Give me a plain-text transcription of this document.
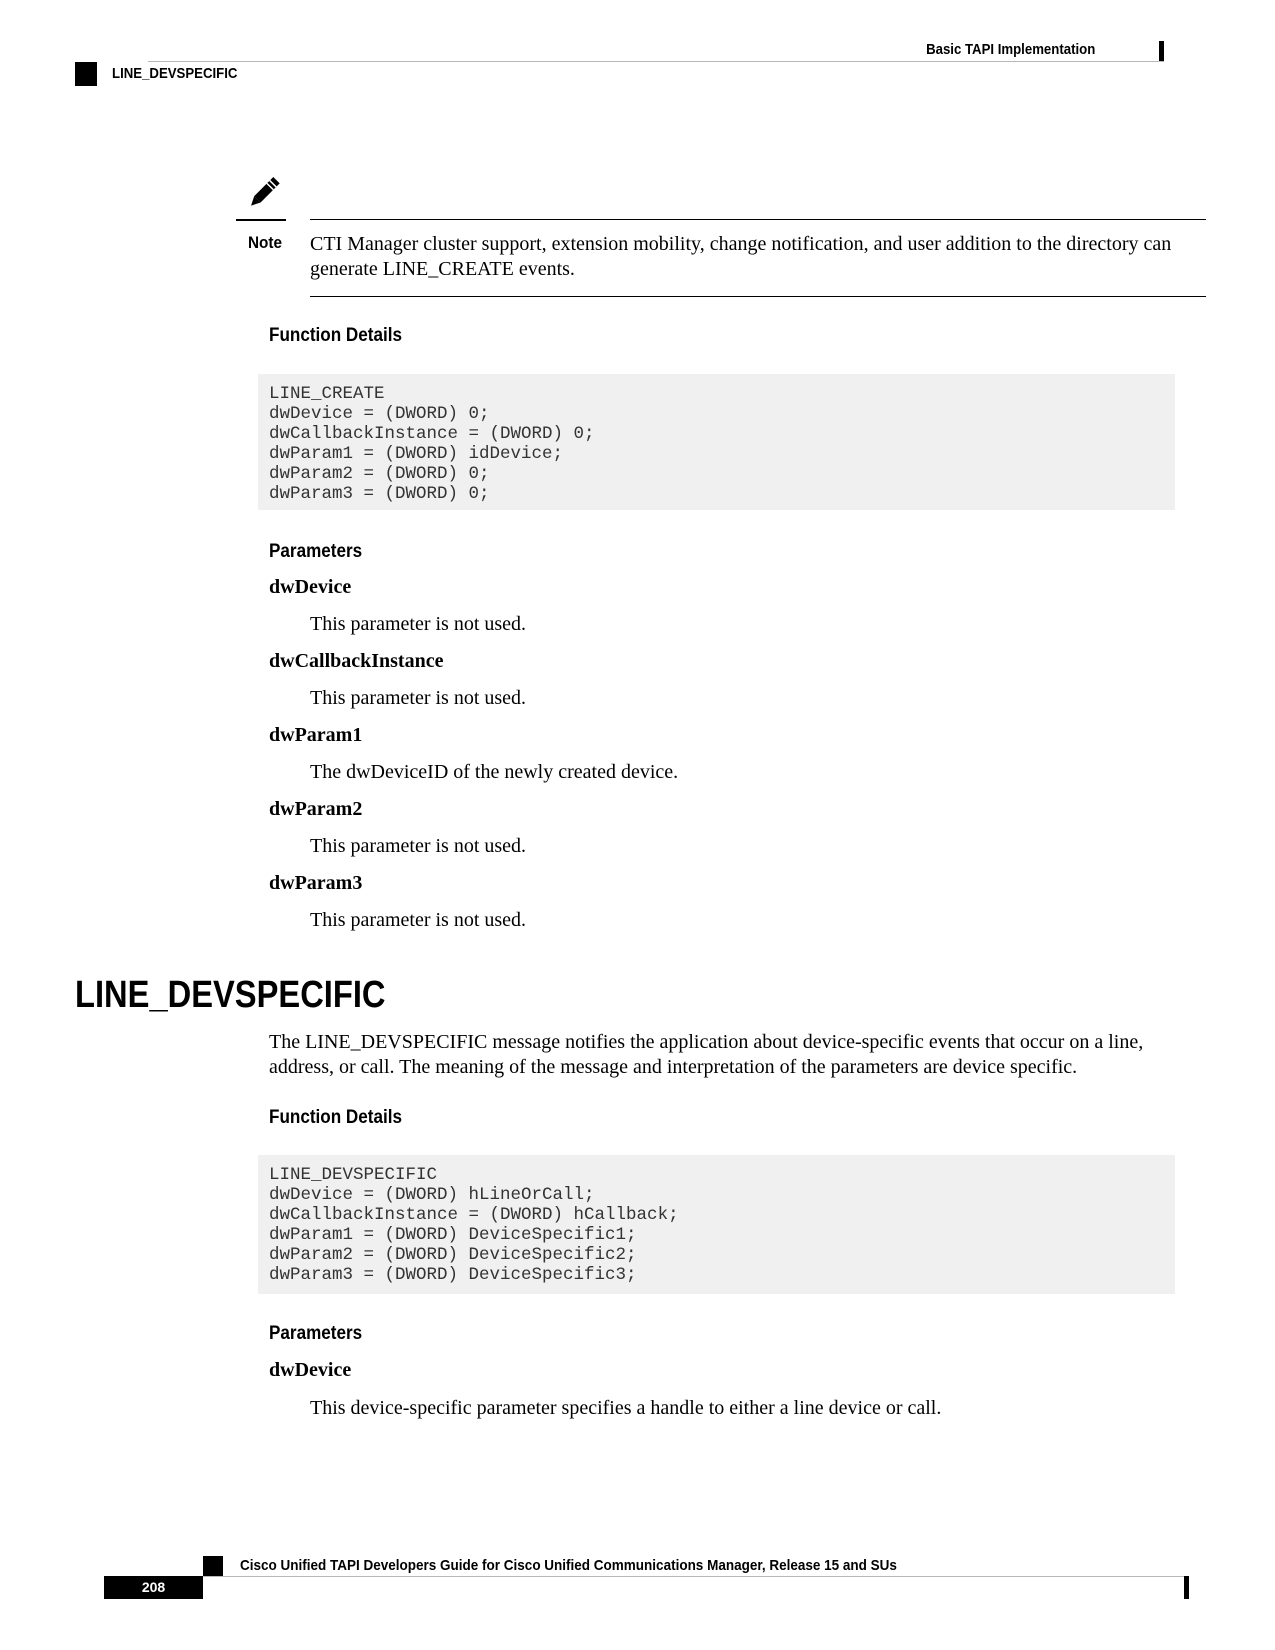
Basic TAPI Implementation
LINE_DEVSPECIFIC
Note CTI Manager cluster support, extension mobility, change notification, and user addition to the directory can generate LINE_CREATE events.
Function Details
LINE_CREATE
dwDevice = (DWORD) 0;
dwCallbackInstance = (DWORD) 0;
dwParam1 = (DWORD) idDevice;
dwParam2 = (DWORD) 0;
dwParam3 = (DWORD) 0;
Parameters
dwDevice
This parameter is not used.
dwCallbackInstance
This parameter is not used.
dwParam1
The dwDeviceID of the newly created device.
dwParam2
This parameter is not used.
dwParam3
This parameter is not used.
LINE_DEVSPECIFIC
The LINE_DEVSPECIFIC message notifies the application about device-specific events that occur on a line, address, or call. The meaning of the message and interpretation of the parameters are device specific.
Function Details
LINE_DEVSPECIFIC
dwDevice = (DWORD) hLineOrCall;
dwCallbackInstance = (DWORD) hCallback;
dwParam1 = (DWORD) DeviceSpecific1;
dwParam2 = (DWORD) DeviceSpecific2;
dwParam3 = (DWORD) DeviceSpecific3;
Parameters
dwDevice
This device-specific parameter specifies a handle to either a line device or call.
Cisco Unified TAPI Developers Guide for Cisco Unified Communications Manager, Release 15 and SUs
208
